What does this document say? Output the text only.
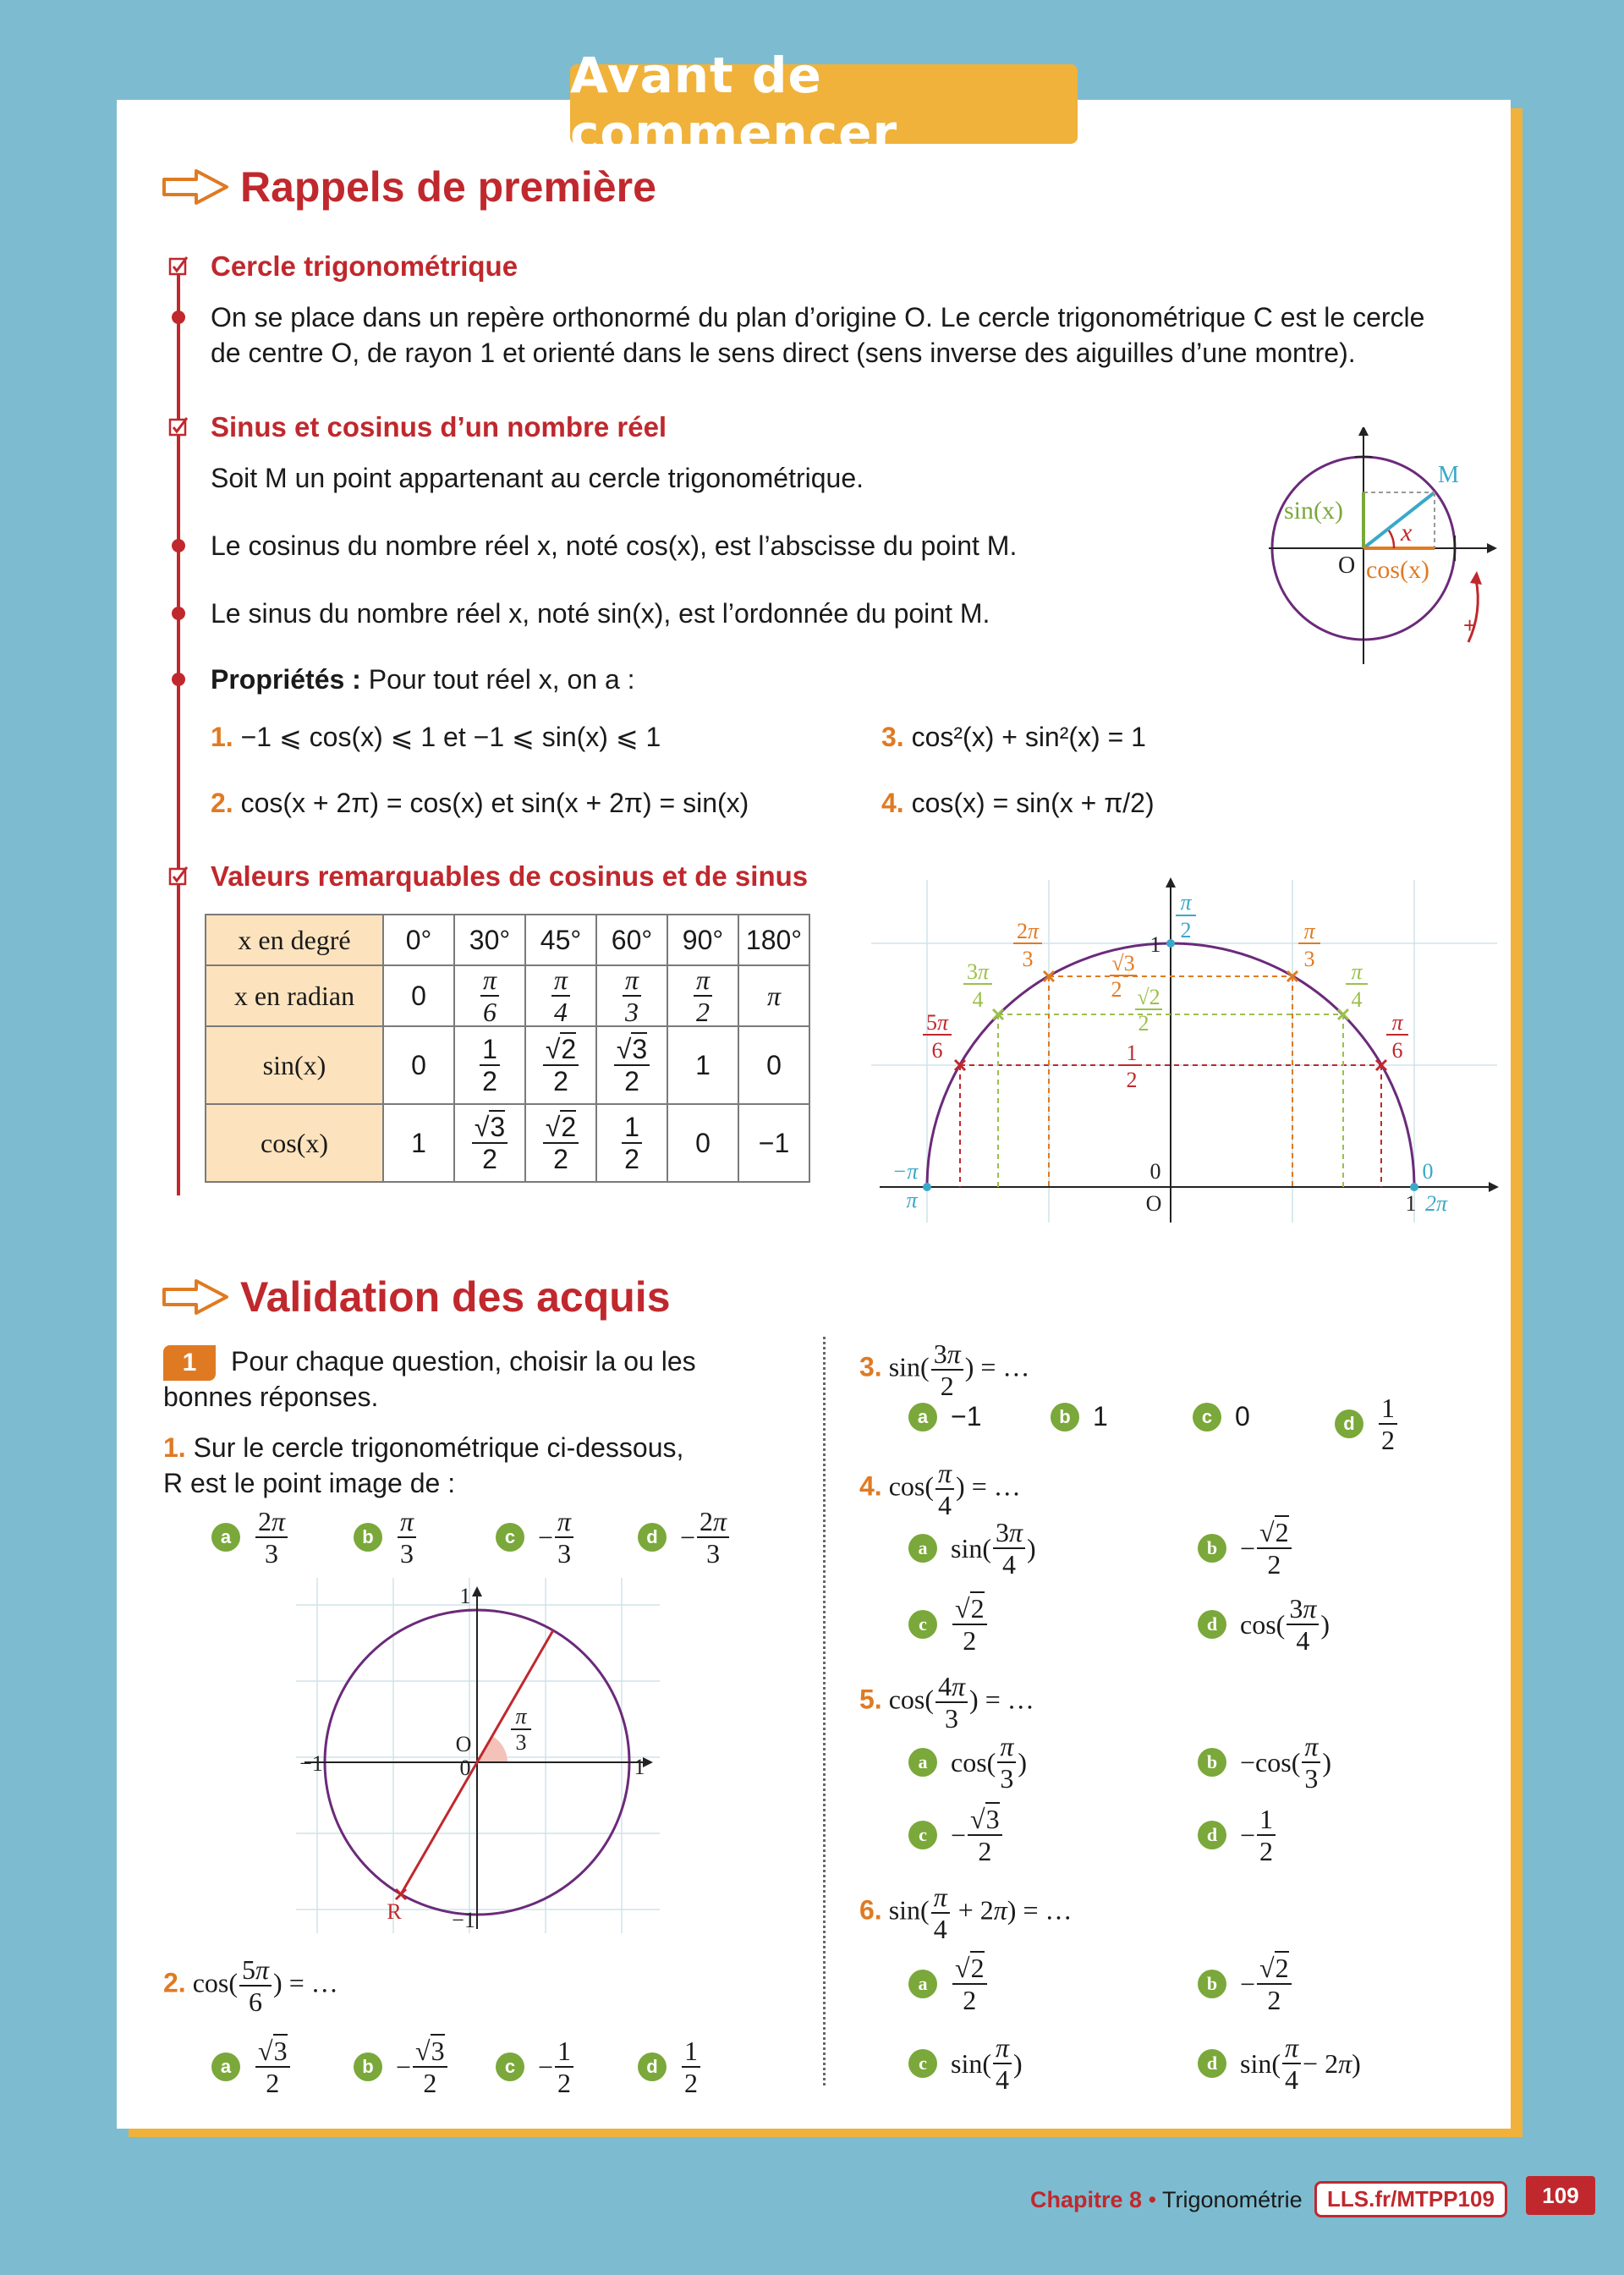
Avant de commencer
Rappels de première
Cercle trigonométrique
On se place dans un repère orthonormé du plan d’origine O. Le cercle trigonométrique C est le cercle
de centre O, de rayon 1 et orienté dans le sens direct (sens inverse des aiguilles d’une montre).
Sinus et cosinus d’un nombre réel
Soit M un point appartenant au cercle trigonométrique.
Le cosinus du nombre réel x, noté cos(x), est l’abscisse du point M.
Le sinus du nombre réel x, noté sin(x), est l’ordonnée du point M.
Propriétés : Pour tout réel x, on a :
1. −1 ⩽ cos(x) ⩽ 1 et −1 ⩽ sin(x) ⩽ 1
2. cos(x + 2π) = cos(x) et sin(x + 2π) = sin(x)
3. cos²(x) + sin²(x) = 1
4. cos(x) = sin(x + π/2)
M
sin(x)
cos(x)
O
x
+
Valeurs remarquables de cosinus et de sinus
x en degré	0°	30°	45°	60°	90°	180°
x en radian	0	$\frac{\pi}{6}$	$\frac{\pi}{4}$	$\frac{\pi}{3}$	$\frac{\pi}{2}$	π
sin(x)	0	$\frac{1}{2}$	$\frac{√2}{2}$	$\frac{√3}{2}$	1	0
cos(x)	1	$\frac{√3}{2}$	$\frac{√2}{2}$	$\frac{1}{2}$	0	−1
π
2
1
2π
3
π
3
3π
4
π
4
5π
6
π
6
√3
2 √2
2
1
2
−π
π
0
O
0
1 2π
Validation des acquis
1	Pour chaque question, choisir la ou les
bonnes réponses.
1. Sur le cercle trigonométrique ci-dessous,
R est le point image de :
a $\frac{2\pi}{3}$	b $\frac{\pi}{3}$	$c - \frac{\pi}{3}$	$d - \frac{2\pi}{3}$
1
−1	1
−1
O
0
R
π
3
2. $\cos( \frac{5\pi}{6}$ ) = …
a $\frac{√3}{2}$	$b - \frac{√3}{2}$	$c - \frac{1}{2}$	d $\frac{1}{2}$
3. $\sin( \frac{3\pi}{2}$ ) = …
a −1	b 1	c 0	d $\frac{1}{2}$
4. $\cos( \frac{\pi}{4}$ ) = …
a $\sin( \frac{3\pi}{4}$ )	$b - \frac{√2}{2}$
c $\frac{√2}{2}$	d $\cos( \frac{3\pi}{4}$ )
5. $\cos( \frac{4\pi}{3}$ ) = …
a $\cos( \frac{\pi}{3}$ )	$b -\cos( \frac{\pi}{3}$ )
$c - \frac{√3}{2}$	$d - \frac{1}{2}$
6. $\sin( \frac{\pi}{4} + 2\pi)$ = …
a $\frac{√2}{2}$	$b - \frac{√2}{2}$
c $\sin( \frac{\pi}{4}$ )	d $\sin( \frac{\pi}{4} - 2$ π )
Chapitre 8 • Trigonométrie	LLS.fr/MTPP109	109
